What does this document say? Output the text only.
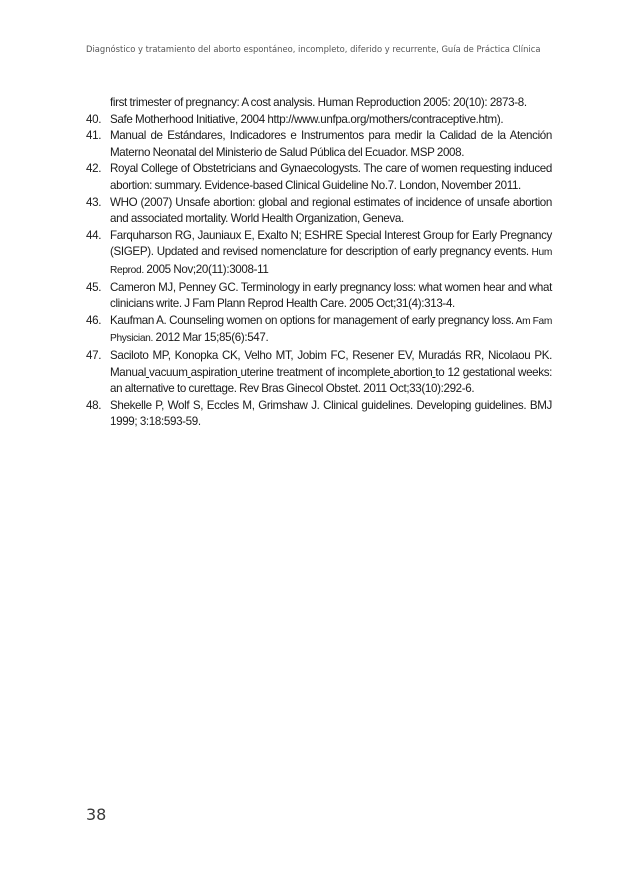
Diagnóstico y tratamiento del aborto espontáneo, incompleto, diferido y recurrente, Guía de Práctica Clínica
first trimester of pregnancy: A cost analysis. Human Reproduction 2005: 20(10): 2873-8.
40. Safe Motherhood Initiative, 2004 http://www.unfpa.org/mothers/contraceptive.htm).
41. Manual de Estándares, Indicadores e Instrumentos para medir la Calidad de la Atención Materno Neonatal del Ministerio de Salud Pública del Ecuador. MSP 2008.
42. Royal College of Obstetricians and Gynaecologysts. The care of women requesting induced abortion: summary. Evidence-based Clinical Guideline No.7. London, November 2011.
43. WHO (2007) Unsafe abortion: global and regional estimates of incidence of unsafe abortion and associated mortality. World Health Organization, Geneva.
44. Farquharson RG, Jauniaux E, Exalto N; ESHRE Special Interest Group for Early Pregnancy (SIGEP). Updated and revised nomenclature for description of early pregnancy events. Hum Reprod. 2005 Nov;20(11):3008-11
45. Cameron MJ, Penney GC. Terminology in early pregnancy loss: what women hear and what clinicians write. J Fam Plann Reprod Health Care. 2005 Oct;31(4):313-4.
46. Kaufman A. Counseling women on options for management of early pregnancy loss. Am Fam Physician. 2012 Mar 15;85(6):547.
47. Saciloto MP, Konopka CK, Velho MT, Jobim FC, Resener EV, Muradás RR, Nicolaou PK. Manual vacuum aspiration uterine treatment of incomplete abortion to 12 gestational weeks: an alternative to curettage. Rev Bras Ginecol Obstet. 2011 Oct;33(10):292-6.
48. Shekelle P, Wolf S, Eccles M, Grimshaw J. Clinical guidelines. Developing guidelines. BMJ 1999; 3:18:593-59.
38
